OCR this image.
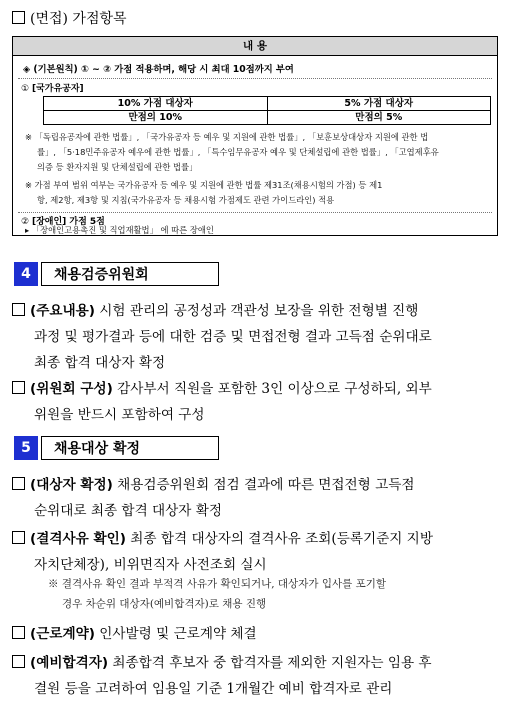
(면접) 가점항목
내 용
◈ (기본원칙) ① ~ ② 가점 적용하며, 해당 시 최대 10점까지 부여
① [국가유공자]
10% 가점 대상자	5% 가점 대상자
만점의 10%	만점의 5%
※ 「독립유공자에 관한 법률」, 「국가유공자 등 예우 및 지원에 관한 법률」, 「보훈보상대상자 지원에 관한 법
률」, 「5·18민주유공자 예우에 관한 법률」, 「특수임무유공자 예우 및 단체설립에 관한 법률」, 「고엽제후유
의증 등 환자지원 및 단체설립에 관한 법률」
※ 가점 부여 범위 여부는 국가유공자 등 예우 및 지원에 관한 법률 제31조(채용시험의 가점) 등 제1
항, 제2항, 제3항 및 지침(국가유공자 등 채용시험 가점제도 관련 가이드라인) 적용
② [장애인] 가점 5점
▸ 「장애인고용촉진 및 직업재활법」 에 따른 장애인
4	채용검증위원회
(주요내용) 시험 관리의 공정성과 객관성 보장을 위한 전형별 진행
과정 및 평가결과 등에 대한 검증 및 면접전형 결과 고득점 순위대로
최종 합격 대상자 확정
(위원회 구성) 감사부서 직원을 포함한 3인 이상으로 구성하되, 외부
위원을 반드시 포함하여 구성
5	채용대상 확정
(대상자 확정) 채용검증위원회 점검 결과에 따른 면접전형 고득점
순위대로 최종 합격 대상자 확정
(결격사유 확인) 최종 합격 대상자의 결격사유 조회(등록기준지 지방
자치단체장), 비위면직자 사전조회 실시
※ 결격사유 확인 결과 부적격 사유가 확인되거나, 대상자가 입사를 포기할
경우 차순위 대상자(예비합격자)로 채용 진행
(근로계약) 인사발령 및 근로계약 체결
(예비합격자) 최종합격 후보자 중 합격자를 제외한 지원자는 임용 후
결원 등을 고려하여 임용일 기준 1개월간 예비 합격자로 관리
